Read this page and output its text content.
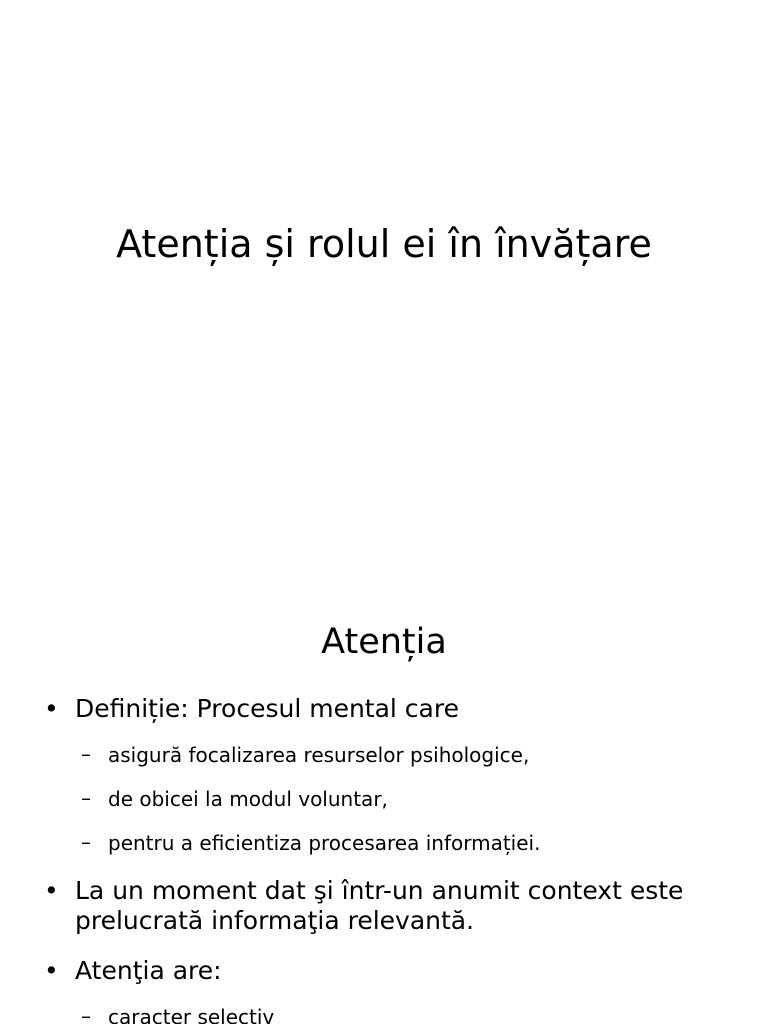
Atenția și rolul ei în învățare
Atenția
• Definiție: Procesul mental care
– asigură focalizarea resurselor psihologice,
– de obicei la modul voluntar,
– pentru a eficientiza procesarea informației.
• La un moment dat şi într-un anumit context este prelucrată informaţia relevantă.
• Atenţia are:
– caracter selectiv
